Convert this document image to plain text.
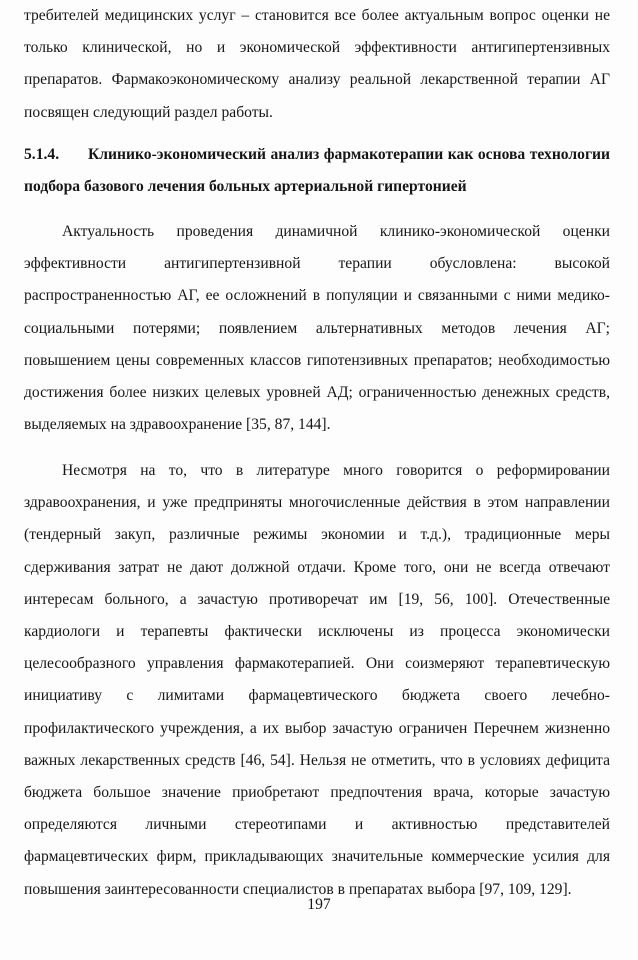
требителей медицинских услуг – становится все более актуальным вопрос оценки не только клинической, но и экономической эффективности антигипертензивных препаратов. Фармакоэкономическому анализу реальной лекарственной терапии АГ посвящен следующий раздел работы.

5.1.4. Клинико-экономический анализ фармакотерапии как основа технологии подбора базового лечения больных артериальной гипертонией

Актуальность проведения динамичной клинико-экономической оценки эффективности антигипертензивной терапии обусловлена: высокой распространенностью АГ, ее осложнений в популяции и связанными с ними медико-социальными потерями; появлением альтернативных методов лечения АГ; повышением цены современных классов гипотензивных препаратов; необходимостью достижения более низких целевых уровней АД; ограниченностью денежных средств, выделяемых на здравоохранение [35, 87, 144].

Несмотря на то, что в литературе много говорится о реформировании здравоохранения, и уже предприняты многочисленные действия в этом направлении (тендерный закуп, различные режимы экономии и т.д.), традиционные меры сдерживания затрат не дают должной отдачи. Кроме того, они не всегда отвечают интересам больного, а зачастую противоречат им [19, 56, 100]. Отечественные кардиологи и терапевты фактически исключены из процесса экономически целесообразного управления фармакотерапией. Они соизмеряют терапевтическую инициативу с лимитами фармацевтического бюджета своего лечебно-профилактического учреждения, а их выбор зачастую ограничен Перечнем жизненно важных лекарственных средств [46, 54]. Нельзя не отметить, что в условиях дефицита бюджета большое значение приобретают предпочтения врача, которые зачастую определяются личными стереотипами и активностью представителей фармацевтических фирм, прикладывающих значительные коммерческие усилия для повышения заинтересованности специалистов в препаратах выбора [97, 109, 129].

197
